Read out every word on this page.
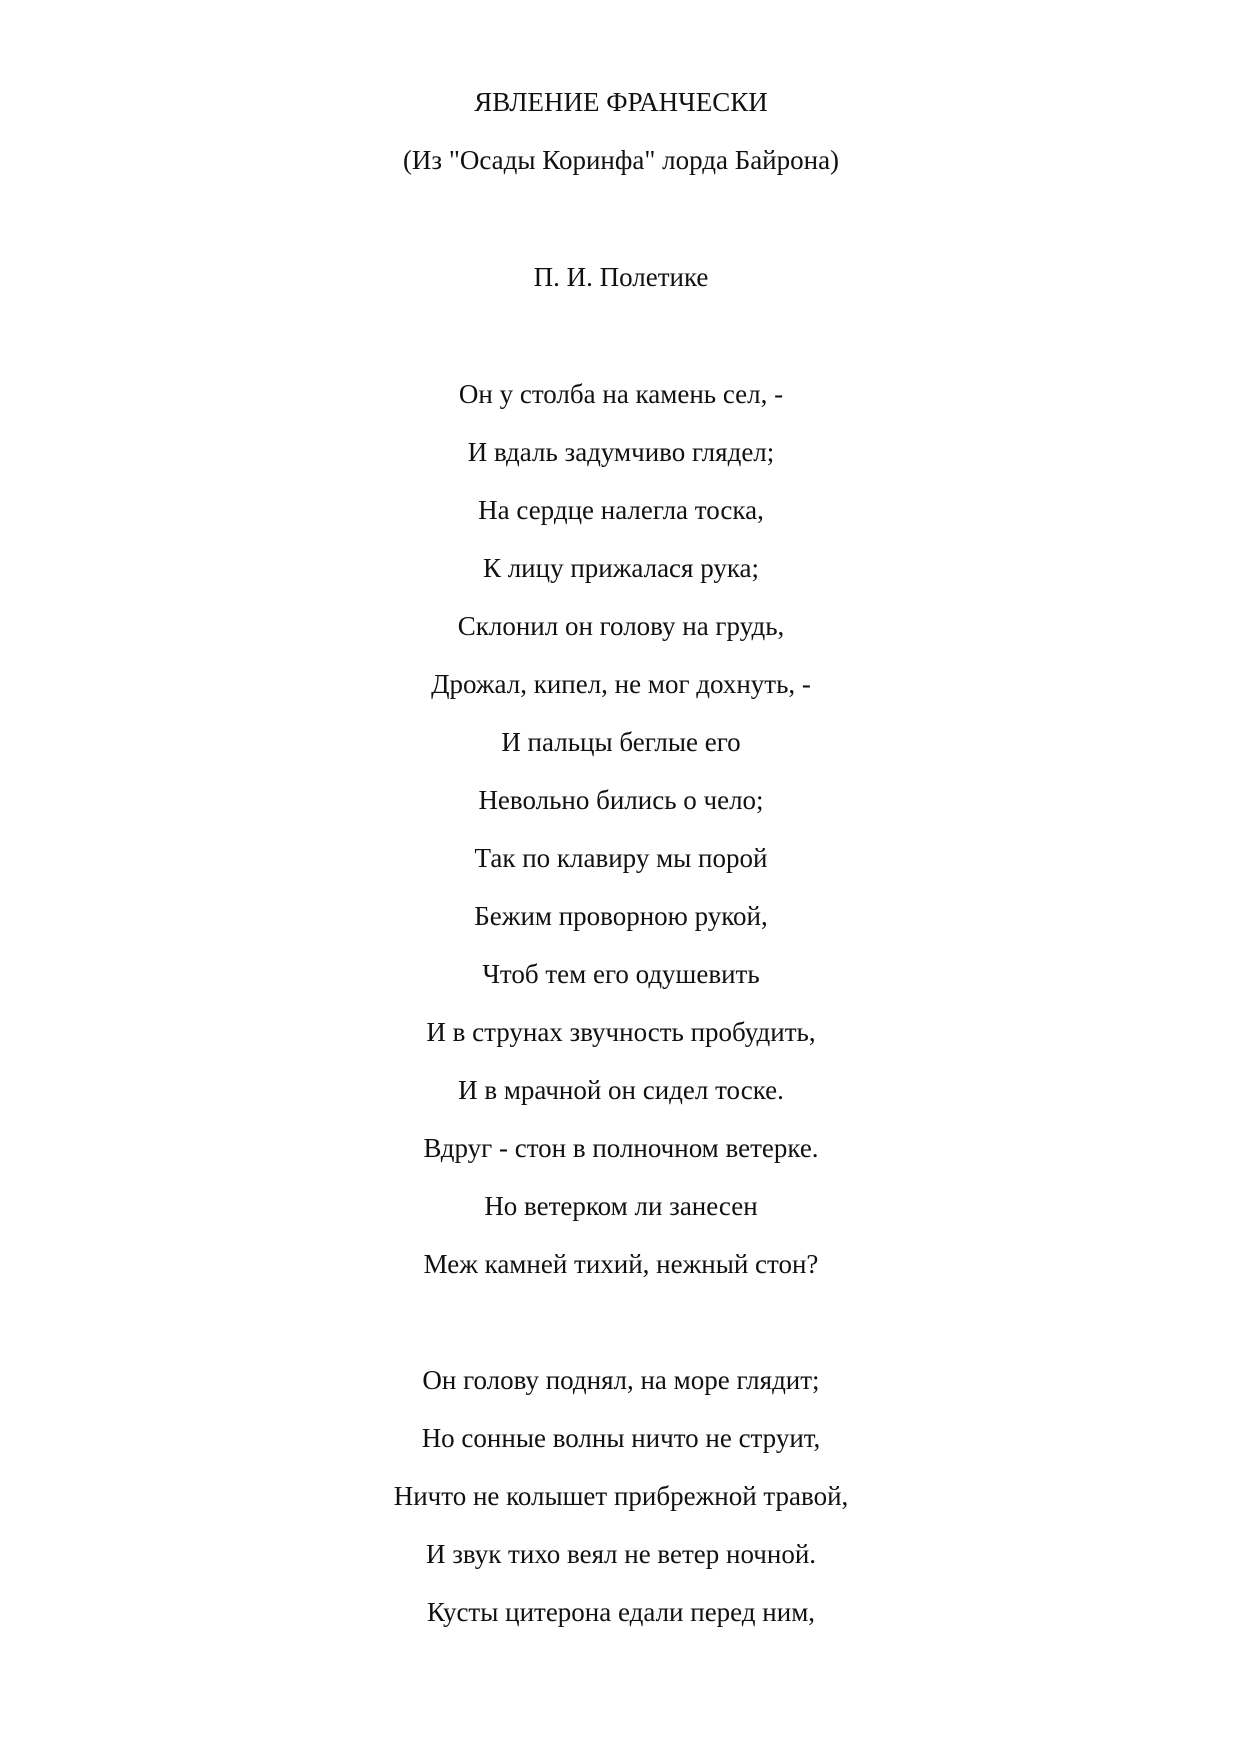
ЯВЛЕНИЕ ФРАНЧЕСКИ
(Из "Осады Коринфа" лорда Байрона)
П. И. Полетике
Он у столба на камень сел, -
И вдаль задумчиво глядел;
На сердце налегла тоска,
К лицу прижалася рука;
Склонил он голову на грудь,
Дрожал, кипел, не мог дохнуть, -
И пальцы беглые его
Невольно бились о чело;
Так по клавиру мы порой
Бежим проворною рукой,
Чтоб тем его одушевить
И в струнах звучность пробудить,
И в мрачной он сидел тоске.
Вдруг - стон в полночном ветерке.
Но ветерком ли занесен
Меж камней тихий, нежный стон?
Он голову поднял, на море глядит;
Но сонные волны ничто не струит,
Ничто не колышет прибрежной травой,
И звук тихо веял не ветер ночной.
Кусты цитерона едали перед ним,
